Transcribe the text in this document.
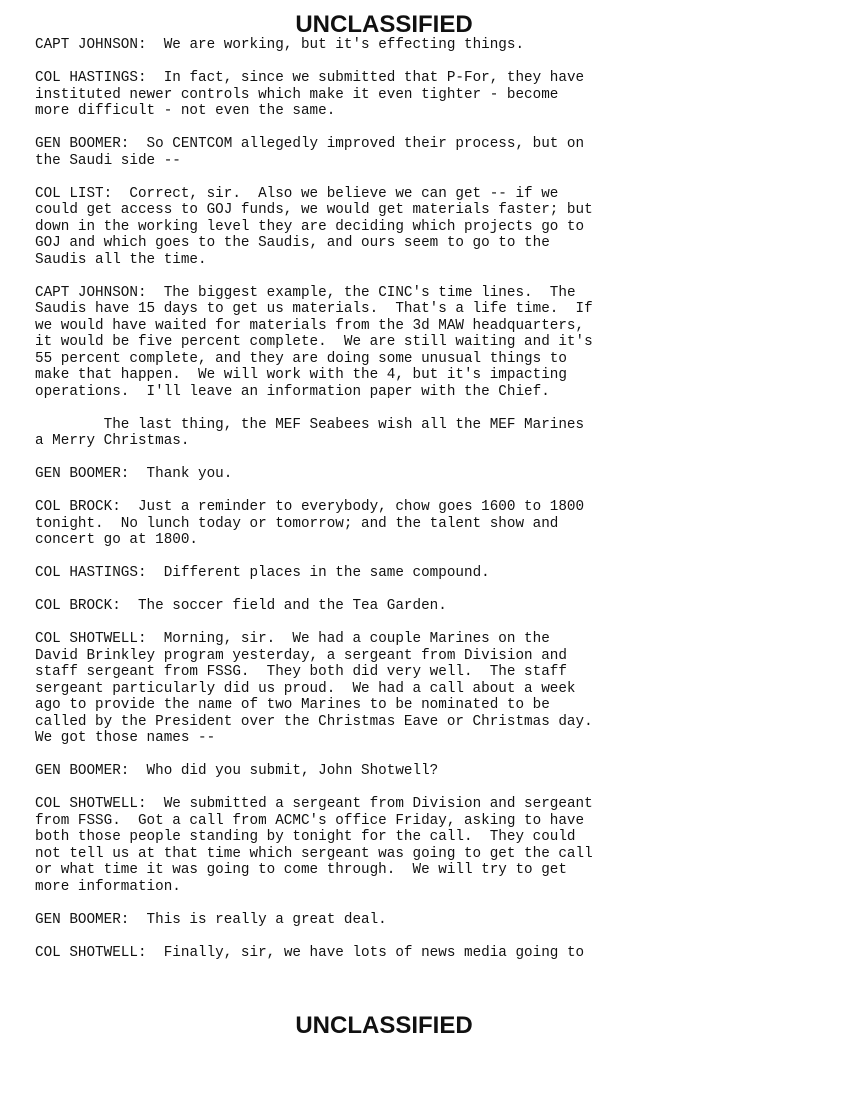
UNCLASSIFIED
CAPT JOHNSON:  We are working, but it's effecting things.
COL HASTINGS:  In fact, since we submitted that P-For, they have
instituted newer controls which make it even tighter - become
more difficult - not even the same.
GEN BOOMER:  So CENTCOM allegedly improved their process, but on
the Saudi side --
COL LIST:  Correct, sir.  Also we believe we can get -- if we
could get access to GOJ funds, we would get materials faster; but
down in the working level they are deciding which projects go to
GOJ and which goes to the Saudis, and ours seem to go to the
Saudis all the time.
CAPT JOHNSON:  The biggest example, the CINC's time lines.  The
Saudis have 15 days to get us materials.  That's a life time.  If
we would have waited for materials from the 3d MAW headquarters,
it would be five percent complete.  We are still waiting and it's
55 percent complete, and they are doing some unusual things to
make that happen.  We will work with the 4, but it's impacting
operations.  I'll leave an information paper with the Chief.
The last thing, the MEF Seabees wish all the MEF Marines
a Merry Christmas.
GEN BOOMER:  Thank you.
COL BROCK:  Just a reminder to everybody, chow goes 1600 to 1800
tonight.  No lunch today or tomorrow; and the talent show and
concert go at 1800.
COL HASTINGS:  Different places in the same compound.
COL BROCK:  The soccer field and the Tea Garden.
COL SHOTWELL:  Morning, sir.  We had a couple Marines on the
David Brinkley program yesterday, a sergeant from Division and
staff sergeant from FSSG.  They both did very well.  The staff
sergeant particularly did us proud.  We had a call about a week
ago to provide the name of two Marines to be nominated to be
called by the President over the Christmas Eave or Christmas day.
We got those names --
GEN BOOMER:  Who did you submit, John Shotwell?
COL SHOTWELL:  We submitted a sergeant from Division and sergeant
from FSSG.  Got a call from ACMC's office Friday, asking to have
both those people standing by tonight for the call.  They could
not tell us at that time which sergeant was going to get the call
or what time it was going to come through.  We will try to get
more information.
GEN BOOMER:  This is really a great deal.
COL SHOTWELL:  Finally, sir, we have lots of news media going to
UNCLASSIFIED
